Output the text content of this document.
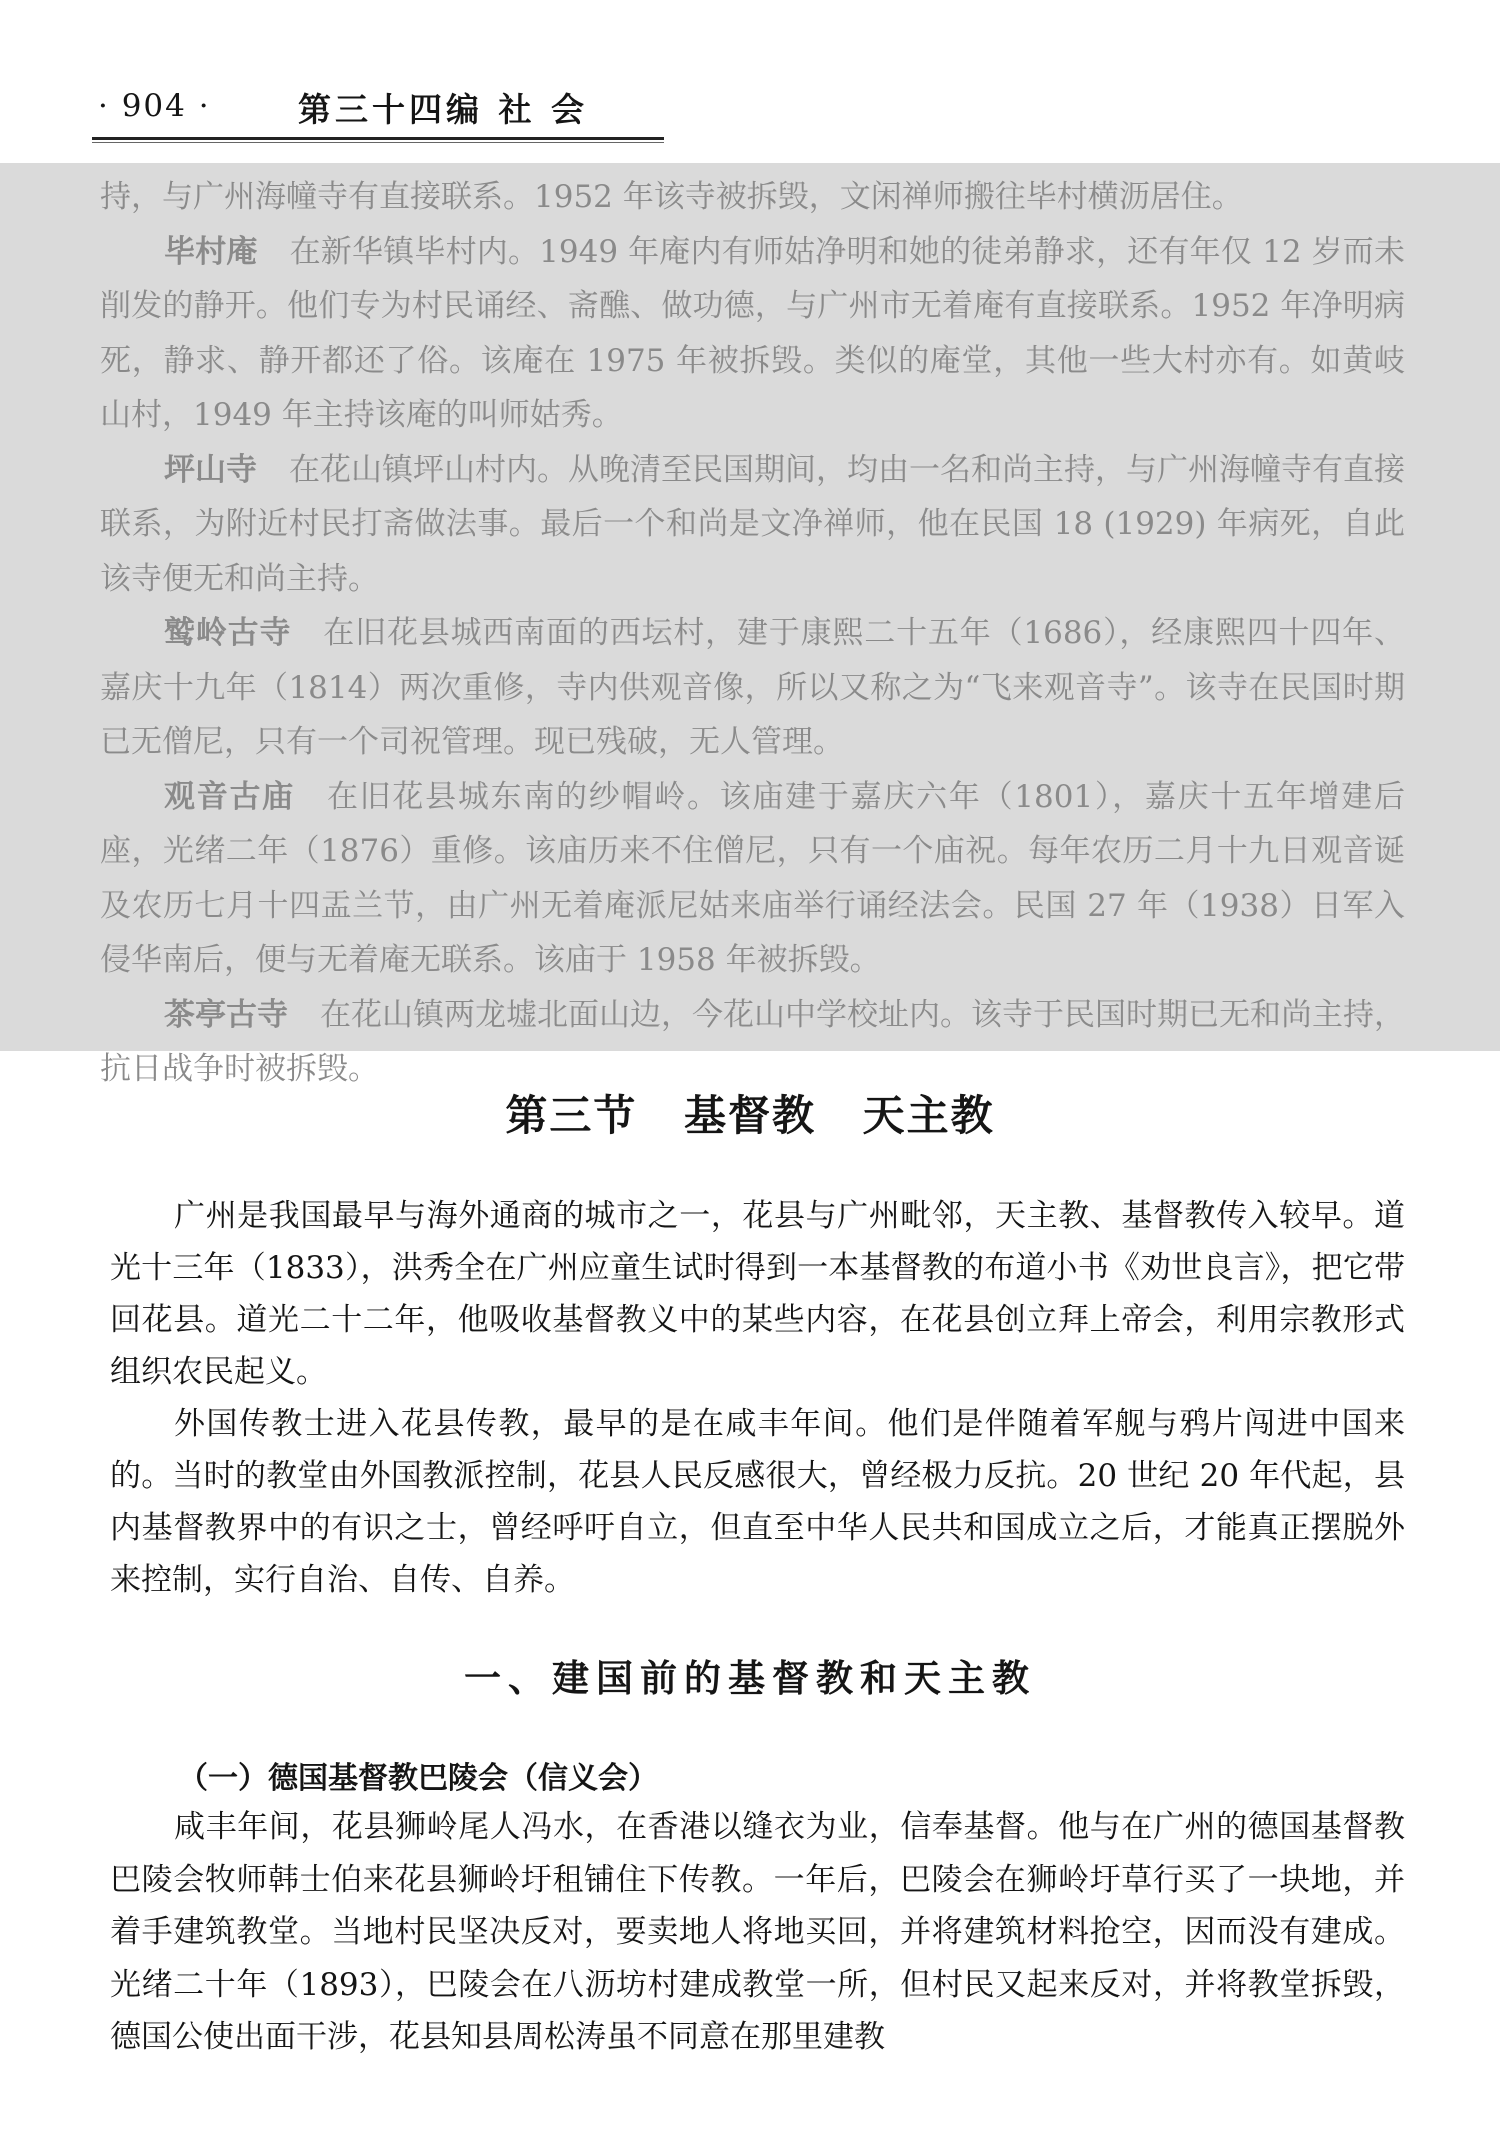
· 904 ·	第三十四编 社 会

持，与广州海幢寺有直接联系。1952 年该寺被拆毁，文闲禅师搬往毕村横沥居住。

毕村庵 在新华镇毕村内。1949 年庵内有师姑净明和她的徒弟静求，还有年仅 12 岁而未削发的静开。他们专为村民诵经、斋醮、做功德，与广州市无着庵有直接联系。1952 年净明病死，静求、静开都还了俗。该庵在 1975 年被拆毁。类似的庵堂，其他一些大村亦有。如黄岐山村，1949 年主持该庵的叫师姑秀。

坪山寺 在花山镇坪山村内。从晚清至民国期间，均由一名和尚主持，与广州海幢寺有直接联系，为附近村民打斋做法事。最后一个和尚是文净禅师，他在民国 18 (1929) 年病死，自此该寺便无和尚主持。

鹫岭古寺 在旧花县城西南面的西坛村，建于康熙二十五年（1686），经康熙四十四年、嘉庆十九年（1814）两次重修，寺内供观音像，所以又称之为“飞来观音寺”。该寺在民国时期已无僧尼，只有一个司祝管理。现已残破，无人管理。

观音古庙 在旧花县城东南的纱帽岭。该庙建于嘉庆六年（1801），嘉庆十五年增建后座，光绪二年（1876）重修。该庙历来不住僧尼，只有一个庙祝。每年农历二月十九日观音诞及农历七月十四盂兰节，由广州无着庵派尼姑来庙举行诵经法会。民国 27 年（1938）日军入侵华南后，便与无着庵无联系。该庙于 1958 年被拆毁。

茶亭古寺 在花山镇两龙墟北面山边，今花山中学校址内。该寺于民国时期已无和尚主持，抗日战争时被拆毁。

第三节 基督教 天主教

广州是我国最早与海外通商的城市之一，花县与广州毗邻，天主教、基督教传入较早。道光十三年（1833），洪秀全在广州应童生试时得到一本基督教的布道小书《劝世良言》，把它带回花县。道光二十二年，他吸收基督教义中的某些内容，在花县创立拜上帝会，利用宗教形式组织农民起义。

外国传教士进入花县传教，最早的是在咸丰年间。他们是伴随着军舰与鸦片闯进中国来的。当时的教堂由外国教派控制，花县人民反感很大，曾经极力反抗。20 世纪 20 年代起，县内基督教界中的有识之士，曾经呼吁自立，但直至中华人民共和国成立之后，才能真正摆脱外来控制，实行自治、自传、自养。

一、建国前的基督教和天主教
（一）德国基督教巴陵会（信义会）

咸丰年间，花县狮岭尾人冯水，在香港以缝衣为业，信奉基督。他与在广州的德国基督教巴陵会牧师韩士伯来花县狮岭圩租铺住下传教。一年后，巴陵会在狮岭圩草行买了一块地，并着手建筑教堂。当地村民坚决反对，要卖地人将地买回，并将建筑材料抢空，因而没有建成。光绪二十年（1893），巴陵会在八沥坊村建成教堂一所，但村民又起来反对，并将教堂拆毁，德国公使出面干涉，花县知县周松涛虽不同意在那里建教
